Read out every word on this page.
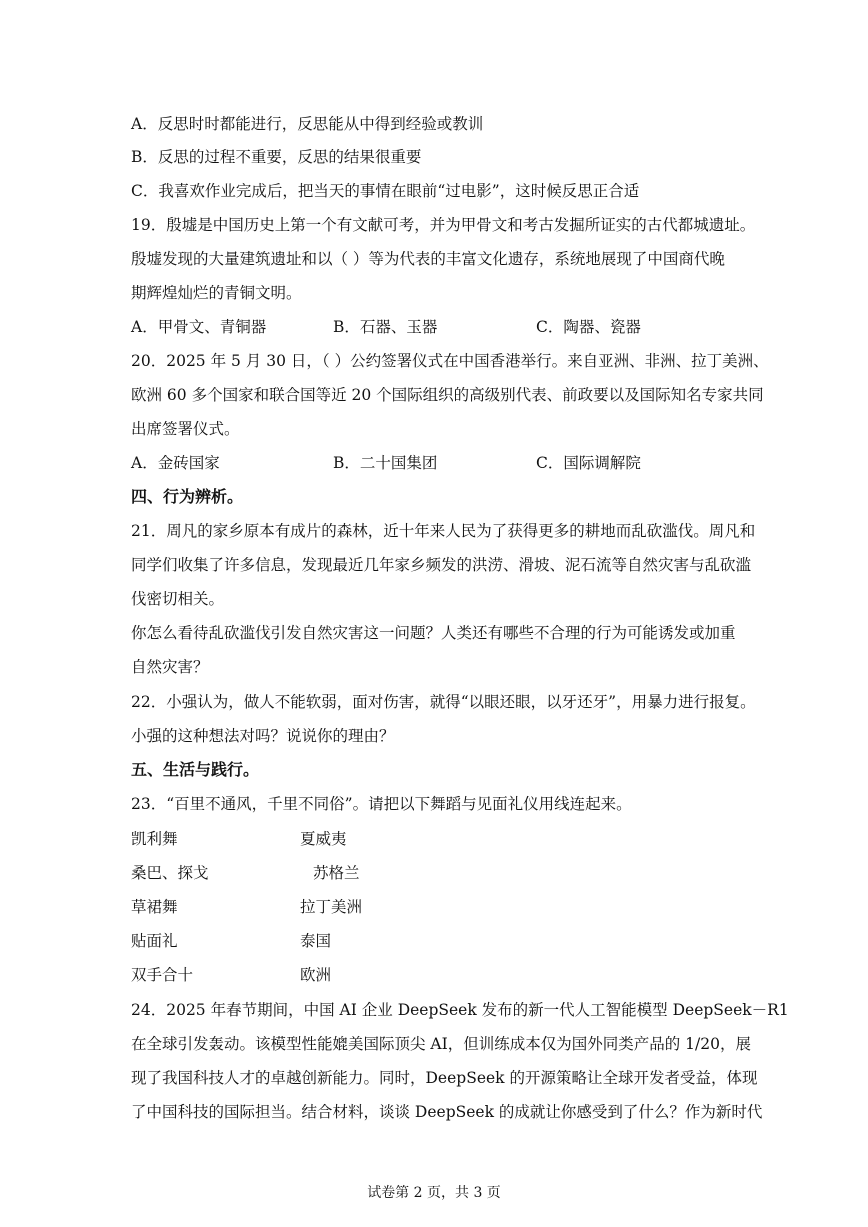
A．反思时时都能进行，反思能从中得到经验或教训
B．反思的过程不重要，反思的结果很重要
C．我喜欢作业完成后，把当天的事情在眼前“过电影”，这时候反思正合适
19．殷墟是中国历史上第一个有文献可考，并为甲骨文和考古发掘所证实的古代都城遗址。
殷墟发现的大量建筑遗址和以（ ）等为代表的丰富文化遗存，系统地展现了中国商代晚
期辉煌灿烂的青铜文明。
A．甲骨文、青铜器	B．石器、玉器	C．陶器、瓷器
20．2025 年 5 月 30 日，（ ）公约签署仪式在中国香港举行。来自亚洲、非洲、拉丁美洲、
欧洲 60 多个国家和联合国等近 20 个国际组织的高级别代表、前政要以及国际知名专家共同
出席签署仪式。
A．金砖国家	B．二十国集团	C．国际调解院
四、行为辨析。
21．周凡的家乡原本有成片的森林，近十年来人民为了获得更多的耕地而乱砍滥伐。周凡和
同学们收集了许多信息，发现最近几年家乡频发的洪涝、滑坡、泥石流等自然灾害与乱砍滥
伐密切相关。
你怎么看待乱砍滥伐引发自然灾害这一问题？人类还有哪些不合理的行为可能诱发或加重
自然灾害？
22．小强认为，做人不能软弱，面对伤害，就得“以眼还眼，以牙还牙”，用暴力进行报复。
小强的这种想法对吗？说说你的理由？
五、生活与践行。
23．“百里不通风，千里不同俗”。请把以下舞蹈与见面礼仪用线连起来。
凯利舞	夏威夷
桑巴、探戈	苏格兰
草裙舞	拉丁美洲
贴面礼	泰国
双手合十	欧洲
24．2025 年春节期间，中国 AI 企业 DeepSeek 发布的新一代人工智能模型 DeepSeek－R1
在全球引发轰动。该模型性能媲美国际顶尖 AI，但训练成本仅为国外同类产品的 1/20，展
现了我国科技人才的卓越创新能力。同时，DeepSeek 的开源策略让全球开发者受益，体现
了中国科技的国际担当。结合材料，谈谈 DeepSeek 的成就让你感受到了什么？作为新时代
试卷第 2 页，共 3 页
